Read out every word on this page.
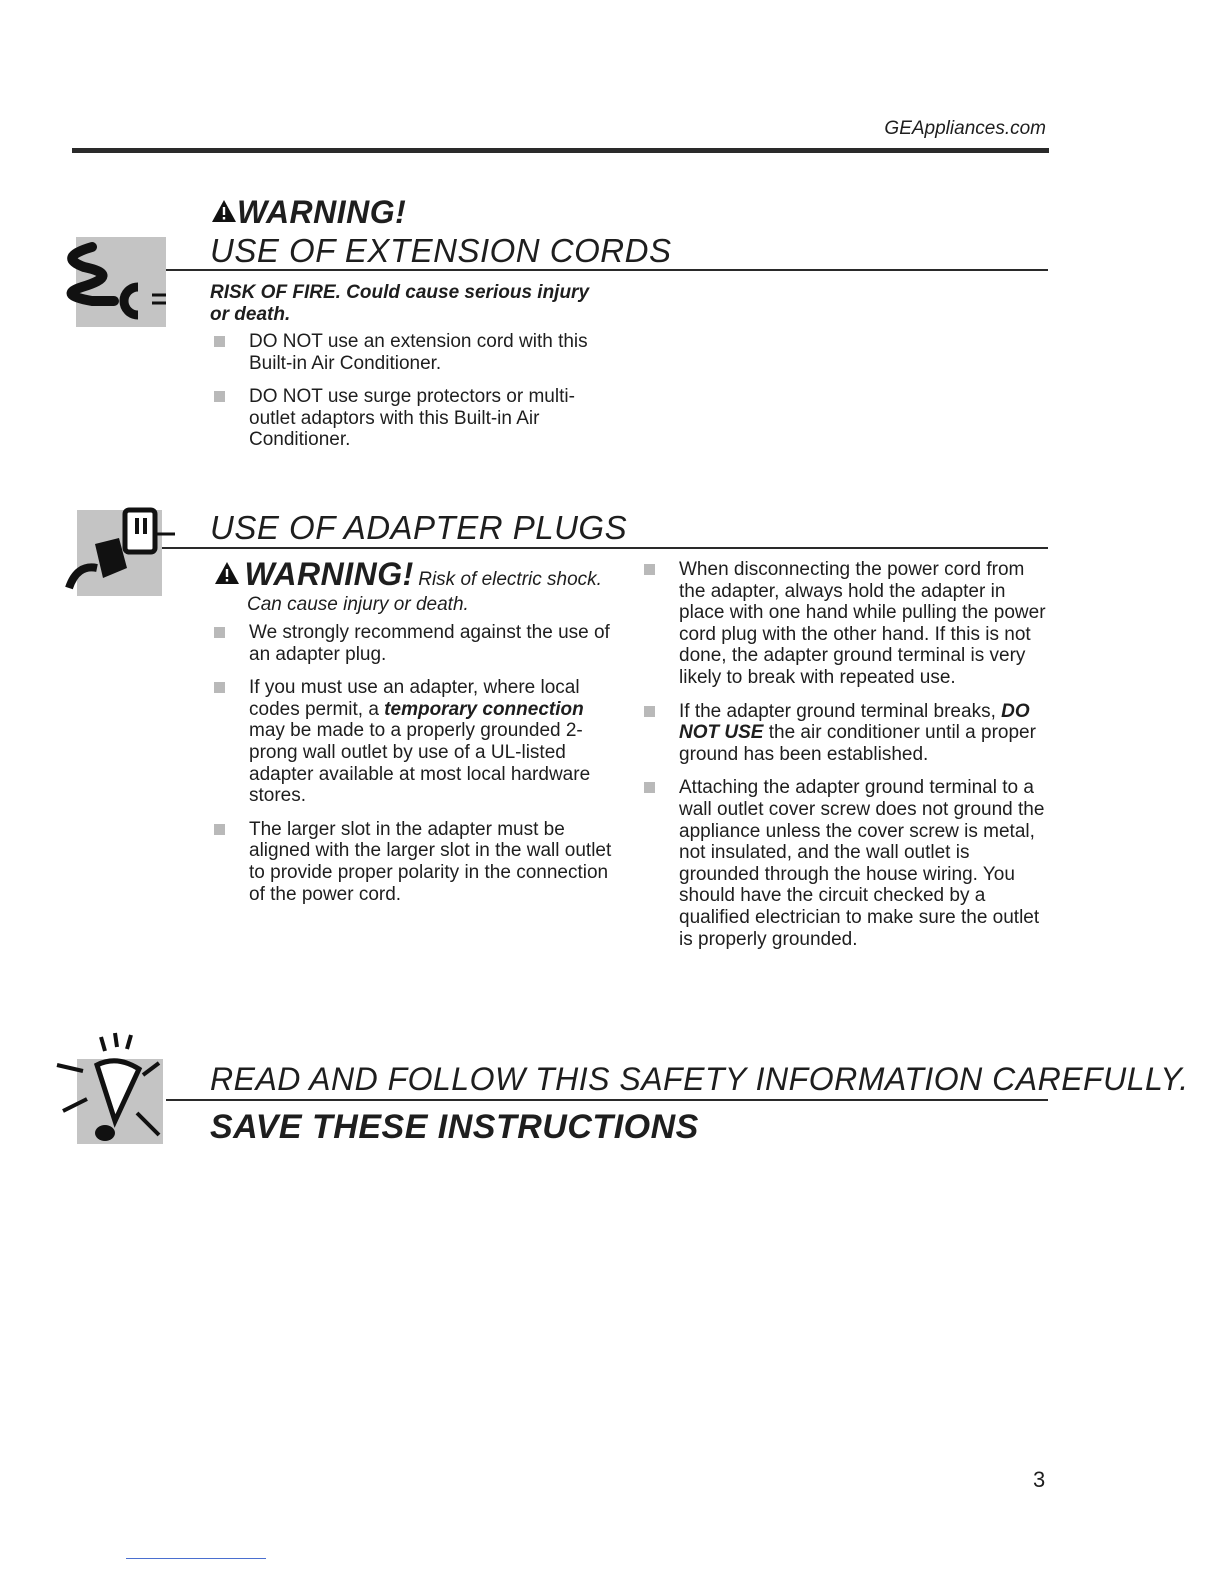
GEAppliances.com
WARNING!
USE OF EXTENSION CORDS
RISK OF FIRE. Could cause serious injury or death.
DO NOT use an extension cord with this Built-in Air Conditioner.
DO NOT use surge protectors or multi-outlet adaptors with this Built-in Air Conditioner.
USE OF ADAPTER PLUGS
WARNING! Risk of electric shock.
Can cause injury or death.
We strongly recommend against the use of an adapter plug.
If you must use an adapter, where local codes permit, a temporary connection may be made to a properly grounded 2-prong wall outlet by use of a UL-listed adapter available at most local hardware stores.
The larger slot in the adapter must be aligned with the larger slot in the wall outlet to provide proper polarity in the connection of the power cord.
When disconnecting the power cord from the adapter, always hold the adapter in place with one hand while pulling the power cord plug with the other hand. If this is not done, the adapter ground terminal is very likely to break with repeated use.
If the adapter ground terminal breaks, DO NOT USE the air conditioner until a proper ground has been established.
Attaching the adapter ground terminal to a wall outlet cover screw does not ground the appliance unless the cover screw is metal, not insulated, and the wall outlet is grounded through the house wiring. You should have the circuit checked by a qualified electrician to make sure the outlet is properly grounded.
READ AND FOLLOW THIS SAFETY INFORMATION CAREFULLY.
SAVE THESE INSTRUCTIONS
3
